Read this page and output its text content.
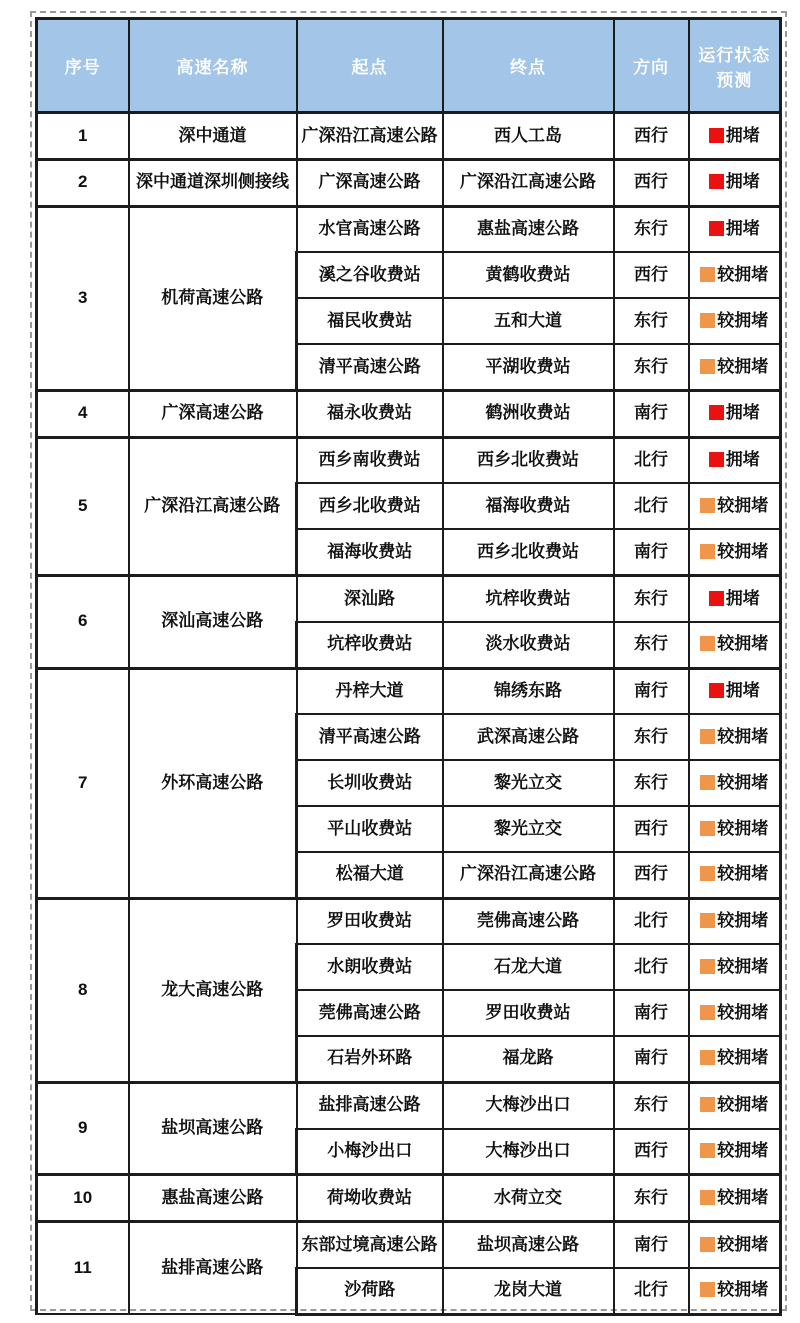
序号	高速名称	起点	终点	方向	运行状态预测
1	深中通道	广深沿江高速公路	西人工岛	西行	拥堵
2	深中通道深圳侧接线	广深高速公路	广深沿江高速公路	西行	拥堵
3	机荷高速公路	水官高速公路	惠盐高速公路	东行	拥堵
		溪之谷收费站	黄鹤收费站	西行	较拥堵
		福民收费站	五和大道	东行	较拥堵
		清平高速公路	平湖收费站	东行	较拥堵
4	广深高速公路	福永收费站	鹤洲收费站	南行	拥堵
5	广深沿江高速公路	西乡南收费站	西乡北收费站	北行	拥堵
		西乡北收费站	福海收费站	北行	较拥堵
		福海收费站	西乡北收费站	南行	较拥堵
6	深汕高速公路	深汕路	坑梓收费站	东行	拥堵
		坑梓收费站	淡水收费站	东行	较拥堵
7	外环高速公路	丹梓大道	锦绣东路	南行	拥堵
		清平高速公路	武深高速公路	东行	较拥堵
		长圳收费站	黎光立交	东行	较拥堵
		平山收费站	黎光立交	西行	较拥堵
		松福大道	广深沿江高速公路	西行	较拥堵
8	龙大高速公路	罗田收费站	莞佛高速公路	北行	较拥堵
		水朗收费站	石龙大道	北行	较拥堵
		莞佛高速公路	罗田收费站	南行	较拥堵
		石岩外环路	福龙路	南行	较拥堵
9	盐坝高速公路	盐排高速公路	大梅沙出口	东行	较拥堵
		小梅沙出口	大梅沙出口	西行	较拥堵
10	惠盐高速公路	荷坳收费站	水荷立交	东行	较拥堵
11	盐排高速公路	东部过境高速公路	盐坝高速公路	南行	较拥堵
		沙荷路	龙岗大道	北行	较拥堵
